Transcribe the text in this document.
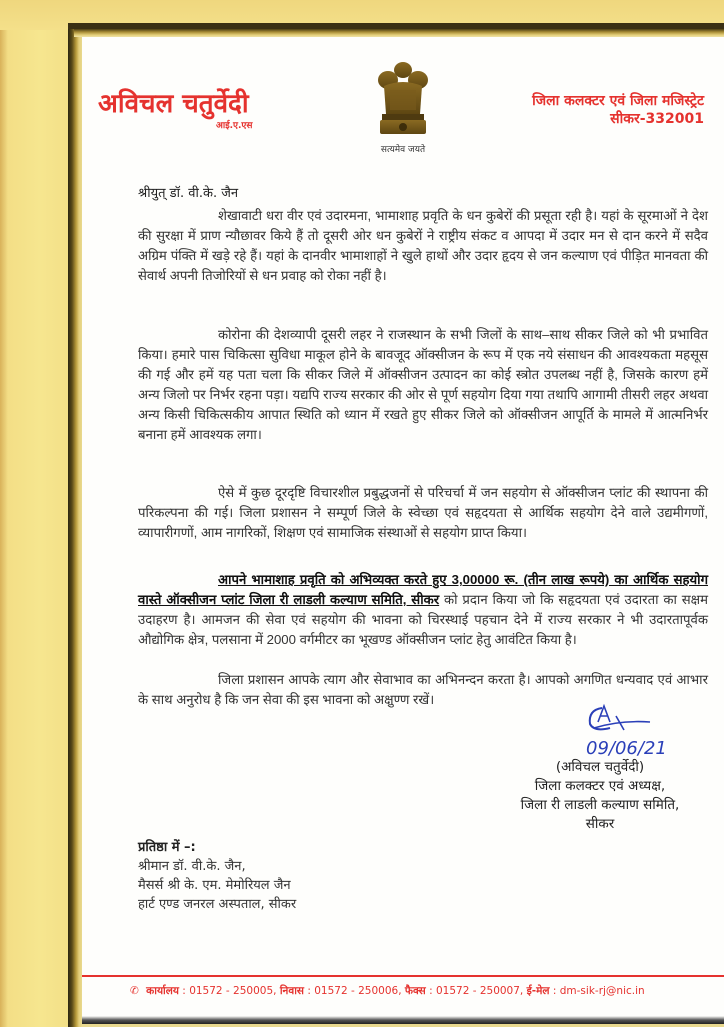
अविचल चतुर्वेदी
आई.ए.एस
सत्यमेव जयते
जिला कलक्टर एवं जिला मजिस्ट्रेट
सीकर-332001
श्रीयुत् डॉ. वी.के. जैन
शेखावाटी धरा वीर एवं उदारमना, भामाशाह प्रवृति के धन कुबेरों की प्रसूता रही है। यहां के सूरमाओं ने देश की सुरक्षा में प्राण न्यौछावर किये हैं तो दूसरी ओर धन कुबेरों ने राष्ट्रीय संकट व आपदा में उदार मन से दान करने में सदैव अग्रिम पंक्ति में खड़े रहे हैं। यहां के दानवीर भामाशाहों ने खुले हाथों और उदार हृदय से जन कल्याण एवं पीड़ित मानवता की सेवार्थ अपनी तिजोरियों से धन प्रवाह को रोका नहीं है।
कोरोना की देशव्यापी दूसरी लहर ने राजस्थान के सभी जिलों के साथ–साथ सीकर जिले को भी प्रभावित किया। हमारे पास चिकित्सा सुविधा माकूल होने के बावजूद ऑक्सीजन के रूप में एक नये संसाधन की आवश्यकता महसूस की गई और हमें यह पता चला कि सीकर जिले में ऑक्सीजन उत्पादन का कोई स्त्रोत उपलब्ध नहीं है, जिसके कारण हमें अन्य जिलो पर निर्भर रहना पड़ा। यद्यपि राज्य सरकार की ओर से पूर्ण सहयोग दिया गया तथापि आगामी तीसरी लहर अथवा अन्य किसी चिकित्सकीय आपात स्थिति को ध्यान में रखते हुए सीकर जिले को ऑक्सीजन आपूर्ति के मामले में आत्मनिर्भर बनाना हमें आवश्यक लगा।
ऐसे में कुछ दूरदृष्टि विचारशील प्रबुद्धजनों से परिचर्चा में जन सहयोग से ऑक्सीजन प्लांट की स्थापना की परिकल्पना की गई। जिला प्रशासन ने सम्पूर्ण जिले के स्वेच्छा एवं सहृदयता से आर्थिक सहयोग देने वाले उद्यमीगणों, व्यापारीगणों, आम नागरिकों, शिक्षण एवं सामाजिक संस्थाओं से सहयोग प्राप्त किया।
आपने भामाशाह प्रवृति को अभिव्यक्त करते हुए 3,00000 रू. (तीन लाख रूपये) का आर्थिक सहयोग वास्ते ऑक्सीजन प्लांट जिला री लाडली कल्याण समिति, सीकर को प्रदान किया जो कि सहृदयता एवं उदारता का सक्षम उदाहरण है। आमजन की सेवा एवं सहयोग की भावना को चिरस्थाई पहचान देने में राज्य सरकार ने भी उदारतापूर्वक औद्योगिक क्षेत्र, पलसाना में 2000 वर्गमीटर का भूखण्ड ऑक्सीजन प्लांट हेतु आवंटित किया है।
जिला प्रशासन आपके त्याग और सेवाभाव का अभिनन्दन करता है। आपको अगणित धन्यवाद एवं आभार के साथ अनुरोध है कि जन सेवा की इस भावना को अक्षुण्ण रखें।
09/06/21
(अविचल चतुर्वेदी)
जिला कलक्टर एवं अध्यक्ष,
जिला री लाडली कल्याण समिति,
सीकर
प्रतिष्ठा में –:
श्रीमान डॉ. वी.के. जैन,
मैसर्स श्री के. एम. मेमोरियल जैन
हार्ट एण्ड जनरल अस्पताल, सीकर
✆ कार्यालय : 01572 - 250005, निवास : 01572 - 250006, फैक्स : 01572 - 250007, ई-मेल : dm-sik-rj@nic.in
